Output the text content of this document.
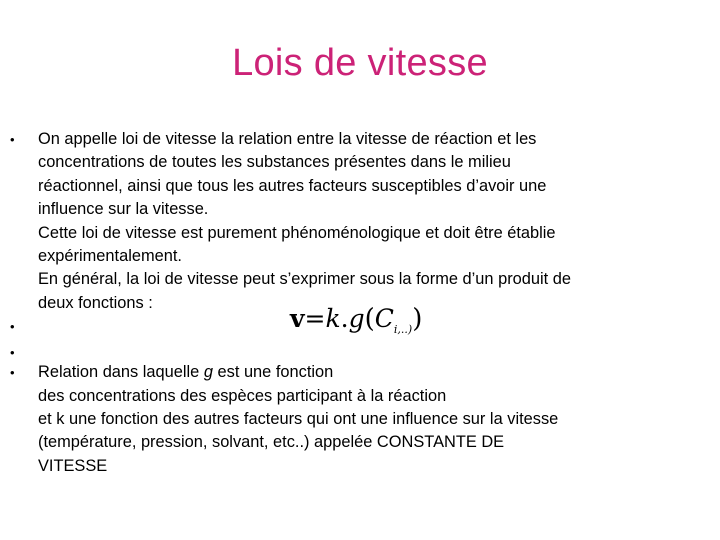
Lois de vitesse
• On appelle loi de vitesse la relation entre la vitesse de réaction et les
concentrations de toutes les substances présentes dans le milieu
réactionnel, ainsi que tous les autres facteurs susceptibles d’avoir une
influence sur la vitesse.
Cette loi de vitesse est purement phénoménologique et doit être établie
expérimentalement.
En général, la loi de vitesse peut s’exprimer sous la forme d’un produit de
deux fonctions :
• $v=k.g(C_{i,..)})$
•
• Relation dans laquelle g est une fonction
des concentrations des espèces participant à la réaction
et k une fonction des autres facteurs qui ont une influence sur la vitesse
(température, pression, solvant, etc..) appelée CONSTANTE DE
VITESSE
